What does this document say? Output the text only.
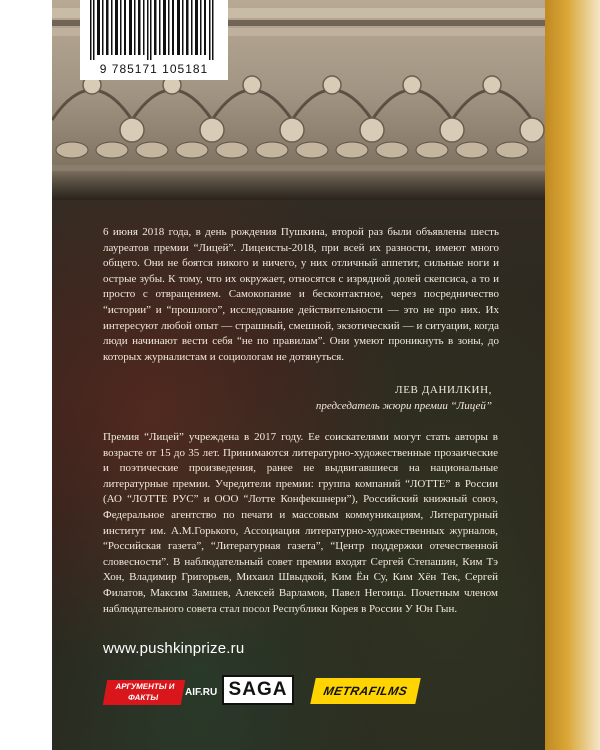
9 785171 105181
6 июня 2018 года, в день рождения Пушкина, второй раз были объявлены шесть лауреатов премии “Лицей”. Лицеисты-2018, при всей их разности, имеют много общего. Они не боятся никого и ничего, у них отличный аппетит, сильные ноги и острые зубы. К тому, что их окружает, относятся с изрядной долей скепсиса, а то и просто с отвращением. Самокопание и бесконтактное, через посредничество “истории” и “прошлого”, исследование действительности — это не про них. Их интересуют любой опыт — страшный, смешной, экзотический — и ситуации, когда люди начинают вести себя “не по правилам”. Они умеют проникнуть в зоны, до которых журналистам и социологам не дотянуться.
ЛЕВ ДАНИЛКИН,
председатель жюри премии “Лицей”
Премия “Лицей” учреждена в 2017 году. Ее соискателями могут стать авторы в возрасте от 15 до 35 лет. Принимаются литературно-художественные прозаические и поэтические произведения, ранее не выдвигавшиеся на национальные литературные премии. Учредители премии: группа компаний “ЛОТТЕ” в России (АО “ЛОТТЕ РУС” и ООО “Лотте Конфекшнери”), Российский книжный союз, Федеральное агентство по печати и массовым коммуникациям, Литературный институт им. А.М.Горького, Ассоциация литературно-художественных журналов, “Российская газета”, “Литературная газета”, “Центр поддержки отечественной словесности”. В наблюдательный совет премии входят Сергей Степашин, Ким Тэ Хон, Владимир Григорьев, Михаил Швыдкой, Ким Ён Су, Ким Хён Тек, Сергей Филатов, Максим Замшев, Алексей Варламов, Павел Негоица. Почетным членом наблюдательного совета стал посол Республики Корея в России У Юн Гын.
www.pushkinprize.ru
АРГУМЕНТЫ И ФАКТЫ	AIF.RU SAGA	METRAFILMS
